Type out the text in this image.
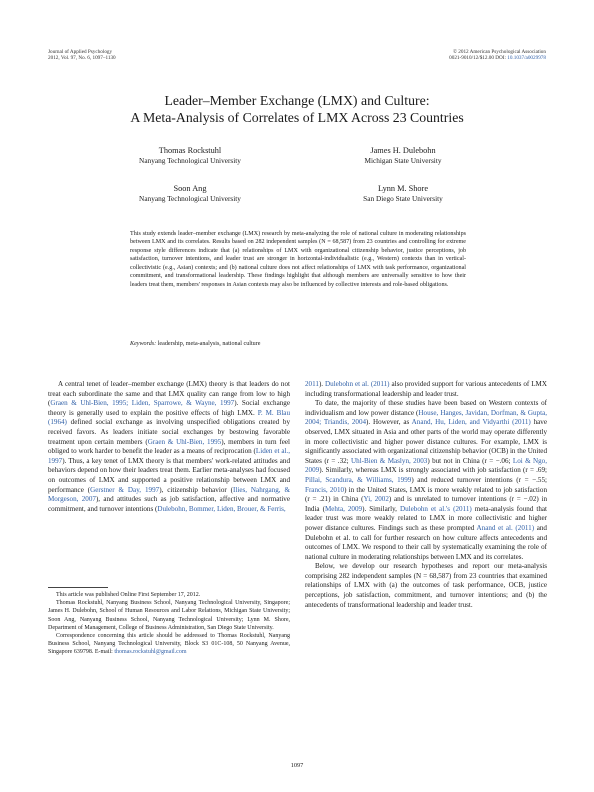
Journal of Applied Psychology
2012, Vol. 97, No. 6, 1097–1130
© 2012 American Psychological Association
0021-9010/12/$12.00 DOI: 10.1037/a0029978
Leader–Member Exchange (LMX) and Culture:
A Meta-Analysis of Correlates of LMX Across 23 Countries
Thomas Rockstuhl
Nanyang Technological University
James H. Dulebohn
Michigan State University
Soon Ang
Nanyang Technological University
Lynn M. Shore
San Diego State University
This study extends leader–member exchange (LMX) research by meta-analyzing the role of national culture in moderating relationships between LMX and its correlates. Results based on 282 independent samples (N = 68,587) from 23 countries and controlling for extreme response style differences indicate that (a) relationships of LMX with organizational citizenship behavior, justice perceptions, job satisfaction, turnover intentions, and leader trust are stronger in horizontal-individualistic (e.g., Western) contexts than in vertical-collectivistic (e.g., Asian) contexts; and (b) national culture does not affect relationships of LMX with task performance, organizational commitment, and transformational leadership. These findings highlight that although members are universally sensitive to how their leaders treat them, members' responses in Asian contexts may also be influenced by collective interests and role-based obligations.
Keywords: leadership, meta-analysis, national culture

A central tenet of leader–member exchange (LMX) theory is that leaders do not treat each subordinate the same and that LMX quality can range from low to high (Graen & Uhl-Bien, 1995; Liden, Sparrowe, & Wayne, 1997). Social exchange theory is generally used to explain the positive effects of high LMX. P. M. Blau (1964) defined social exchange as involving unspecified obligations created by received favors. As leaders initiate social exchanges by bestowing favorable treatment upon certain members (Graen & Uhl-Bien, 1995), members in turn feel obliged to work harder to benefit the leader as a means of reciprocation (Liden et al., 1997). Thus, a key tenet of LMX theory is that members' work-related attitudes and behaviors depend on how their leaders treat them. Earlier meta-analyses had focused on outcomes of LMX and supported a positive relationship between LMX and performance (Gerstner & Day, 1997), citizenship behavior (Ilies, Nahrgang, & Morgeson, 2007), and attitudes such as job satisfaction, affective and normative commitment, and turnover intentions (Dulebohn, Bommer, Liden, Brouer, & Ferris,

2011). Dulebohn et al. (2011) also provided support for various antecedents of LMX including transformational leadership and leader trust.

To date, the majority of these studies have been based on Western contexts of individualism and low power distance (House, Hanges, Javidan, Dorfman, & Gupta, 2004; Triandis, 2004). However, as Anand, Hu, Liden, and Vidyarthi (2011) have observed, LMX situated in Asia and other parts of the world may operate differently in more collectivistic and higher power distance cultures. For example, LMX is significantly associated with organizational citizenship behavior (OCB) in the United States (r = .32; Uhl-Bien & Maslyn, 2003) but not in China (r = −.06; Loi & Ngo, 2009). Similarly, whereas LMX is strongly associated with job satisfaction (r = .69; Pillai, Scandura, & Williams, 1999) and reduced turnover intentions (r = −.55; Francis, 2010) in the United States, LMX is more weakly related to job satisfaction (r = .21) in China (Yi, 2002) and is unrelated to turnover intentions (r = −.02) in India (Mehta, 2009). Similarly, Dulebohn et al.'s (2011) meta-analysis found that leader trust was more weakly related to LMX in more collectivistic and higher power distance cultures. Findings such as these prompted Anand et al. (2011) and Dulebohn et al. to call for further research on how culture affects antecedents and outcomes of LMX. We respond to their call by systematically examining the role of national culture in moderating relationships between LMX and its correlates.

Below, we develop our research hypotheses and report our meta-analysis comprising 282 independent samples (N = 68,587) from 23 countries that examined relationships of LMX with (a) the outcomes of task performance, OCB, justice perceptions, job satisfaction, commitment, and turnover intentions; and (b) the antecedents of transformational leadership and leader trust.

This article was published Online First September 17, 2012.

Thomas Rockstuhl, Nanyang Business School, Nanyang Technological University, Singapore; James H. Dulebohn, School of Human Resources and Labor Relations, Michigan State University; Soon Ang, Nanyang Business School, Nanyang Technological University; Lynn M. Shore, Department of Management, College of Business Administration, San Diego State University.

Correspondence concerning this article should be addressed to Thomas Rockstuhl, Nanyang Business School, Nanyang Technological University, Block S3 01C-108, 50 Nanyang Avenue, Singapore 639798. E-mail: thomas.rockstuhl@gmail.com

1097
